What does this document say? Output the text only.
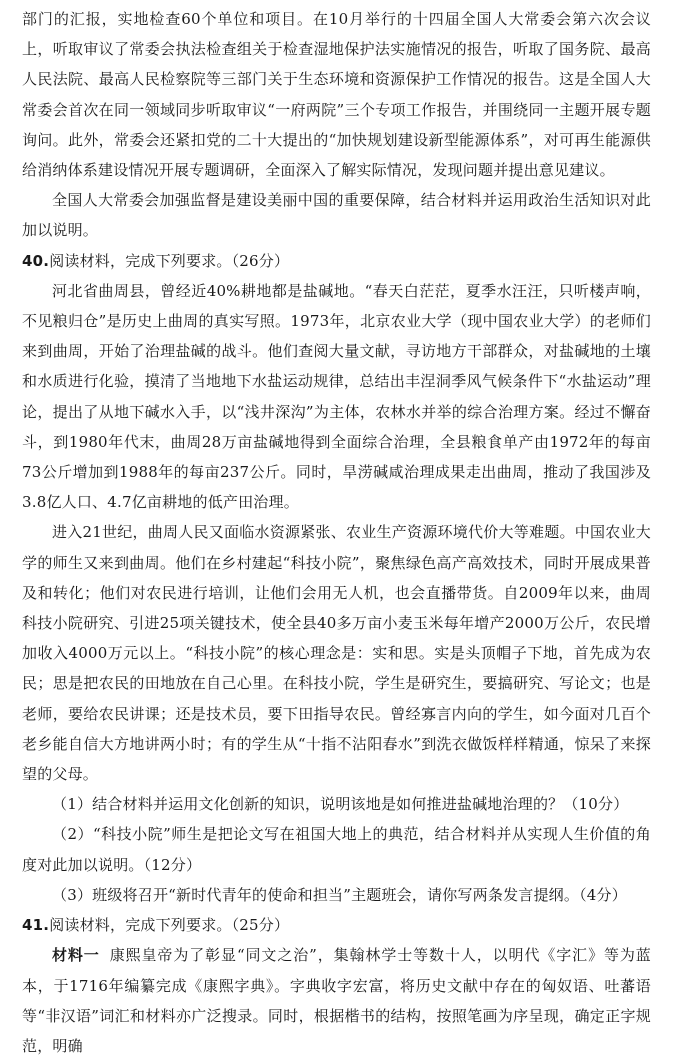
部门的汇报，实地检查60个单位和项目。在10月举行的十四届全国人大常委会第六次会议上，听取审议了常委会执法检查组关于检查湿地保护法实施情况的报告，听取了国务院、最高人民法院、最高人民检察院等三部门关于生态环境和资源保护工作情况的报告。这是全国人大常委会首次在同一领域同步听取审议“一府两院”三个专项工作报告，并围绕同一主题开展专题询问。此外，常委会还紧扣党的二十大提出的“加快规划建设新型能源体系”，对可再生能源供给消纳体系建设情况开展专题调研，全面深入了解实际情况，发现问题并提出意见建议。

全国人大常委会加强监督是建设美丽中国的重要保障，结合材料并运用政治生活知识对此加以说明。

40.阅读材料，完成下列要求。（26分）

河北省曲周县，曾经近40%耕地都是盐碱地。“春天白茫茫，夏季水汪汪，只听楼声响，不见粮归仓”是历史上曲周的真实写照。1973年，北京农业大学（现中国农业大学）的老师们来到曲周，开始了治理盐碱的战斗。他们查阅大量文献，寻访地方干部群众，对盐碱地的土壤和水质进行化验，摸清了当地地下水盐运动规律，总结出丰涅洞季风气候条件下“水盐运动”理论，提出了从地下碱水入手，以“浅井深沟”为主体，农林水并举的综合治理方案。经过不懈奋斗，到1980年代末，曲周28万亩盐碱地得到全面综合治理，全县粮食单产由1972年的每亩73公斤增加到1988年的每亩237公斤。同时，旱涝碱咸治理成果走出曲周，推动了我国涉及3.8亿人口、4.7亿亩耕地的低产田治理。

进入21世纪，曲周人民又面临水资源紧张、农业生产资源环境代价大等难题。中国农业大学的师生又来到曲周。他们在乡村建起“科技小院”，聚焦绿色高产高效技术，同时开展成果普及和转化；他们对农民进行培训，让他们会用无人机，也会直播带货。自2009年以来，曲周科技小院研究、引进25项关键技术，使全县40多万亩小麦玉米每年增产2000万公斤，农民增加收入4000万元以上。“科技小院”的核心理念是：实和思。实是头顶帽子下地，首先成为农民；思是把农民的田地放在自己心里。在科技小院，学生是研究生，要搞研究、写论文；也是老师，要给农民讲课；还是技术员，要下田指导农民。曾经寡言内向的学生，如今面对几百个老乡能自信大方地讲两小时；有的学生从“十指不沾阳春水”到洗衣做饭样样精通，惊呆了来探望的父母。

（1）结合材料并运用文化创新的知识，说明该地是如何推进盐碱地治理的？（10分）

（2）“科技小院”师生是把论文写在祖国大地上的典范，结合材料并从实现人生价值的角度对此加以说明。（12分）

（3）班级将召开“新时代青年的使命和担当”主题班会，请你写两条发言提纲。（4分）

41.阅读材料，完成下列要求。（25分）

材料一 康熙皇帝为了彰显“同文之治”，集翰林学士等数十人，以明代《字汇》等为蓝本，于1716年编纂完成《康熙字典》。字典收字宏富，将历史文献中存在的匈奴语、吐蕃语等“非汉语”词汇和材料亦广泛搜录。同时，根据楷书的结构，按照笔画为序呈现，确定正字规范，明确
